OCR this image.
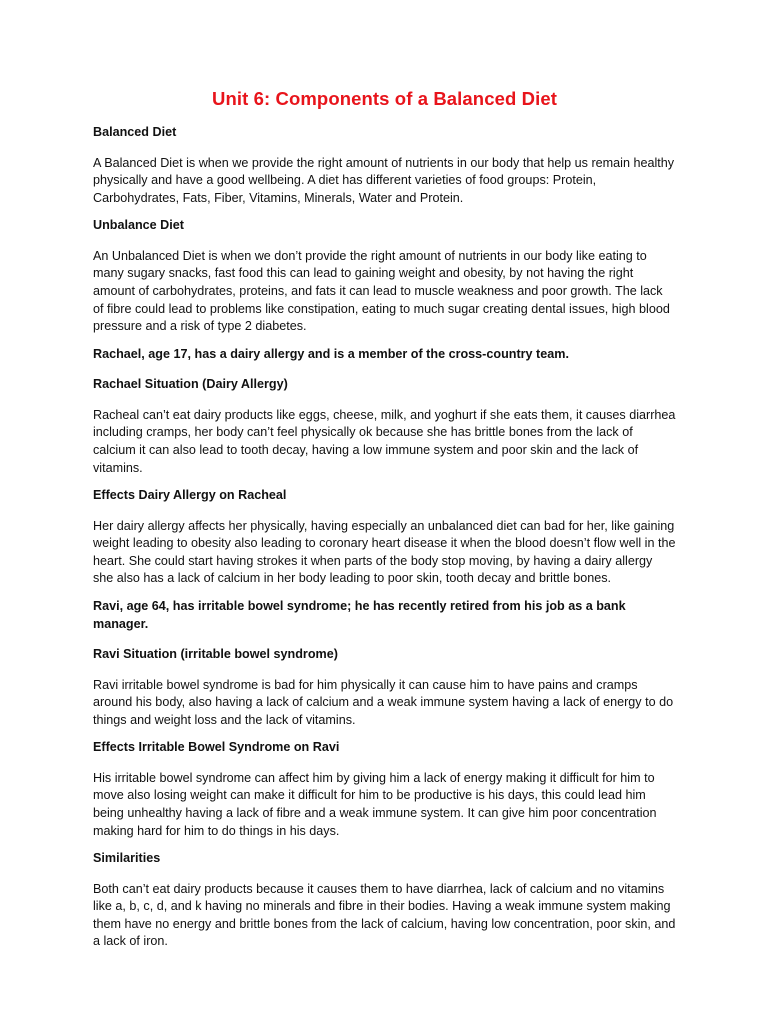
Unit 6: Components of a Balanced Diet
Balanced Diet

A Balanced Diet is when we provide the right amount of nutrients in our body that help us remain healthy physically and have a good wellbeing. A diet has different varieties of food groups: Protein, Carbohydrates, Fats, Fiber, Vitamins, Minerals, Water and Protein.

Unbalance Diet

An Unbalanced Diet is when we don’t provide the right amount of nutrients in our body like eating to many sugary snacks, fast food this can lead to gaining weight and obesity, by not having the right amount of carbohydrates, proteins, and fats it can lead to muscle weakness and poor growth. The lack of fibre could lead to problems like constipation, eating to much sugar creating dental issues, high blood pressure and a risk of type 2 diabetes.

Rachael, age 17, has a dairy allergy and is a member of the cross-country team.
Rachael Situation (Dairy Allergy)

Racheal can’t eat dairy products like eggs, cheese, milk, and yoghurt if she eats them, it causes diarrhea including cramps, her body can’t feel physically ok because she has brittle bones from the lack of calcium it can also lead to tooth decay, having a low immune system and poor skin and the lack of vitamins.

Effects Dairy Allergy on Racheal

Her dairy allergy affects her physically, having especially an unbalanced diet can bad for her, like gaining weight leading to obesity also leading to coronary heart disease it when the blood doesn’t flow well in the heart. She could start having strokes it when parts of the body stop moving, by having a dairy allergy she also has a lack of calcium in her body leading to poor skin, tooth decay and brittle bones.

Ravi, age 64, has irritable bowel syndrome; he has recently retired from his job as a bank manager.
Ravi Situation (irritable bowel syndrome)

Ravi irritable bowel syndrome is bad for him physically it can cause him to have pains and cramps around his body, also having a lack of calcium and a weak immune system having a lack of energy to do things and weight loss and the lack of vitamins.

Effects Irritable Bowel Syndrome on Ravi

His irritable bowel syndrome can affect him by giving him a lack of energy making it difficult for him to move also losing weight can make it difficult for him to be productive is his days, this could lead him being unhealthy having a lack of fibre and a weak immune system. It can give him poor concentration making hard for him to do things in his days.

Similarities

Both can’t eat dairy products because it causes them to have diarrhea, lack of calcium and no vitamins like a, b, c, d, and k having no minerals and fibre in their bodies. Having a weak immune system making them have no energy and brittle bones from the lack of calcium, having low concentration, poor skin, and a lack of iron.
